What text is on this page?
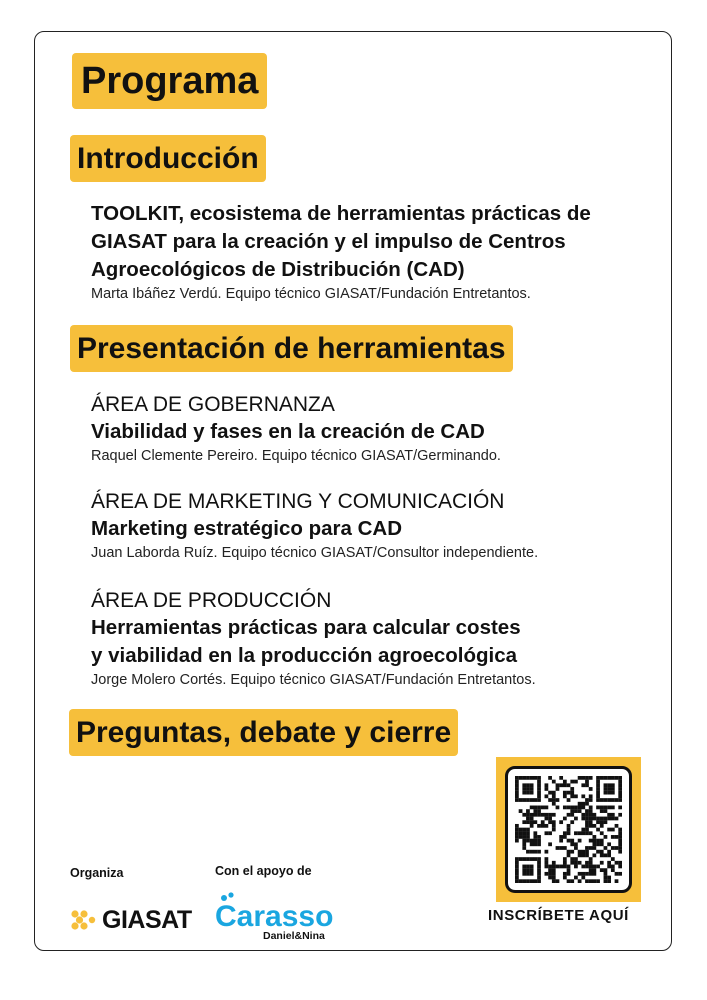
Programa
Introducción
TOOLKIT, ecosistema de herramientas prácticas de
GIASAT para la creación y el impulso de Centros
Agroecológicos de Distribución (CAD)
Marta Ibáñez Verdú. Equipo técnico GIASAT/Fundación Entretantos.
Presentación de herramientas
ÁREA DE GOBERNANZA
Viabilidad y fases en la creación de CAD
Raquel Clemente Pereiro. Equipo técnico GIASAT/Germinando.
ÁREA DE MARKETING Y COMUNICACIÓN
Marketing estratégico para CAD
Juan Laborda Ruíz. Equipo técnico GIASAT/Consultor independiente.
ÁREA DE PRODUCCIÓN
Herramientas prácticas para calcular costes
y viabilidad en la producción agroecológica
Jorge Molero Cortés. Equipo técnico GIASAT/Fundación Entretantos.
Preguntas, debate y cierre
Organiza
GIASAT
Con el apoyo de
Carasso
Daniel&Nina
INSCRÍBETE AQUÍ
